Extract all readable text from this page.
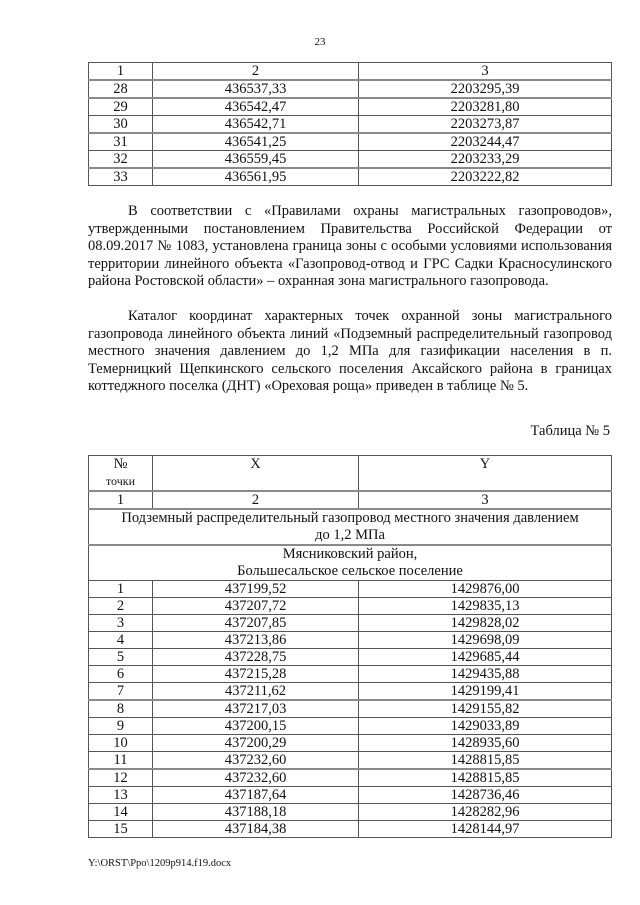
23
1	2	3
28	436537,33	2203295,39
29	436542,47	2203281,80
30	436542,71	2203273,87
31	436541,25	2203244,47
32	436559,45	2203233,29
33	436561,95	2203222,82

В соответствии с «Правилами охраны магистральных газопроводов», утвержденными постановлением Правительства Российской Федерации от 08.09.2017 № 1083, установлена граница зоны с особыми условиями использования территории линейного объекта «Газопровод-отвод и ГРС Садки Красносулинского района Ростовской области» – охранная зона магистрального газопровода.

Каталог координат характерных точек охранной зоны магистрального газопровода линейного объекта линий «Подземный распределительный газопровод местного значения давлением до 1,2 МПа для газификации населения в п. Темерницкий Щепкинского сельского поселения Аксайского района в границах коттеджного поселка (ДНТ) «Ореховая роща» приведен в таблице № 5.

Таблица № 5
№
точки	X	Y
1	2	3

Подземный распределительный газопровод местного значения давлением
до 1,2 МПа		

Мясниковский район,
Большесальское сельское поселение		

1	437199,52	1429876,00
2	437207,72	1429835,13
3	437207,85	1429828,02
4	437213,86	1429698,09
5	437228,75	1429685,44
6	437215,28	1429435,88
7	437211,62	1429199,41
8	437217,03	1429155,82
9	437200,15	1429033,89
10	437200,29	1428935,60
11	437232,60	1428815,85
12	437232,60	1428815,85
13	437187,64	1428736,46
14	437188,18	1428282,96
15	437184,38	1428144,97
Y:\ORST\Ppo\1209p914.f19.docx
